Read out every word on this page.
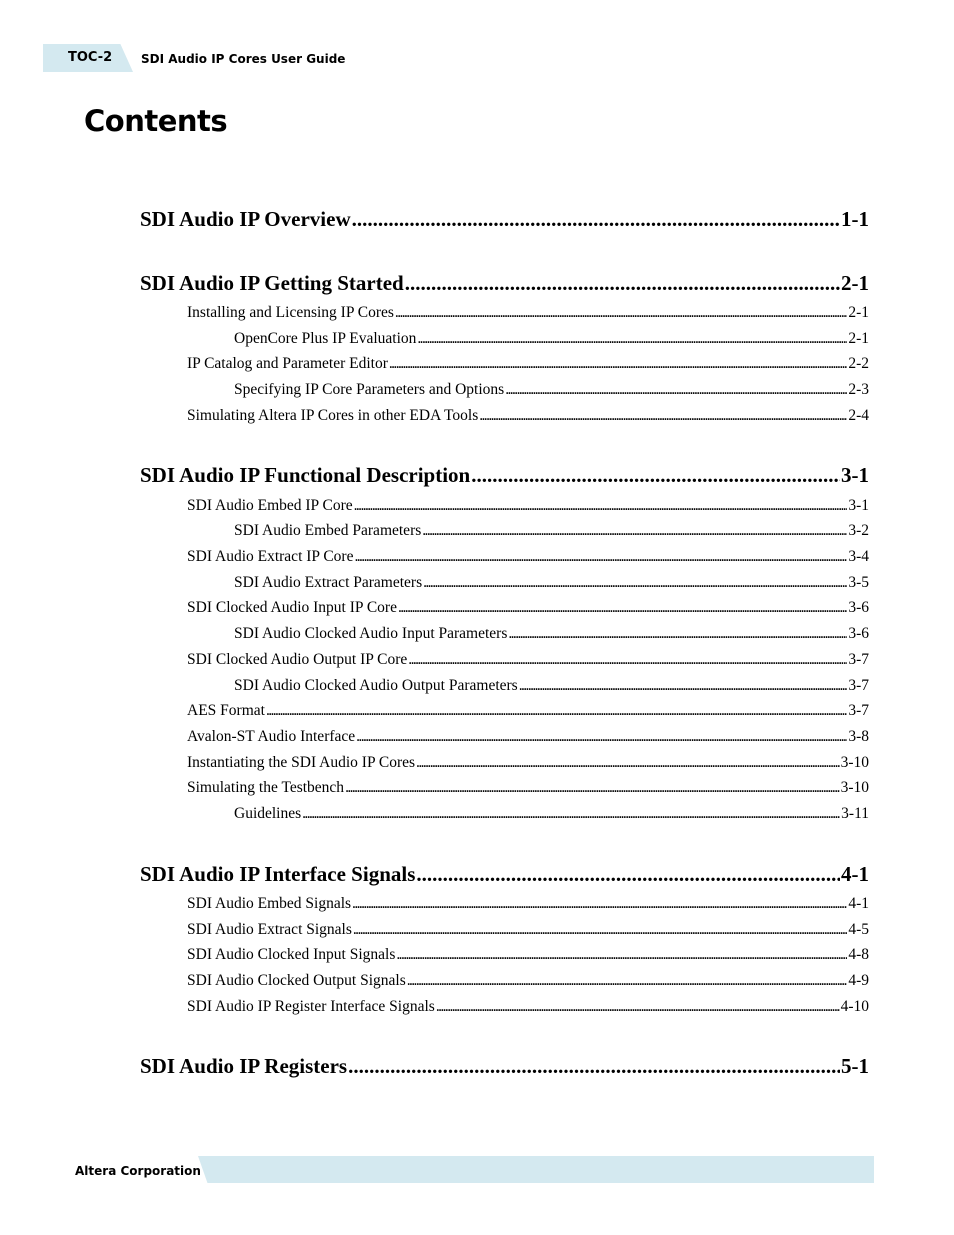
TOC-2 SDI Audio IP Cores User Guide
Contents
SDI Audio IP Overview .....	1-1
SDI Audio IP Getting Started .....	2-1
Installing and Licensing IP Cores .....	2-1
OpenCore Plus IP Evaluation .....	2-1
IP Catalog and Parameter Editor .....	2-2
Specifying IP Core Parameters and Options .....	2-3
Simulating Altera IP Cores in other EDA Tools .....	2-4
SDI Audio IP Functional Description .....	3-1
SDI Audio Embed IP Core .....	3-1
SDI Audio Embed Parameters .....	3-2
SDI Audio Extract IP Core .....	3-4
SDI Audio Extract Parameters .....	3-5
SDI Clocked Audio Input IP Core .....	3-6
SDI Audio Clocked Audio Input Parameters .....	3-6
SDI Clocked Audio Output IP Core .....	3-7
SDI Audio Clocked Audio Output Parameters .....	3-7
AES Format .....	3-7
Avalon-ST Audio Interface .....	3-8
Instantiating the SDI Audio IP Cores .....	3-10
Simulating the Testbench .....	3-10
Guidelines .....	3-11
SDI Audio IP Interface Signals .....	4-1
SDI Audio Embed Signals .....	4-1
SDI Audio Extract Signals .....	4-5
SDI Audio Clocked Input Signals .....	4-8
SDI Audio Clocked Output Signals .....	4-9
SDI Audio IP Register Interface Signals .....	4-10
SDI Audio IP Registers .....	5-1
Altera Corporation
